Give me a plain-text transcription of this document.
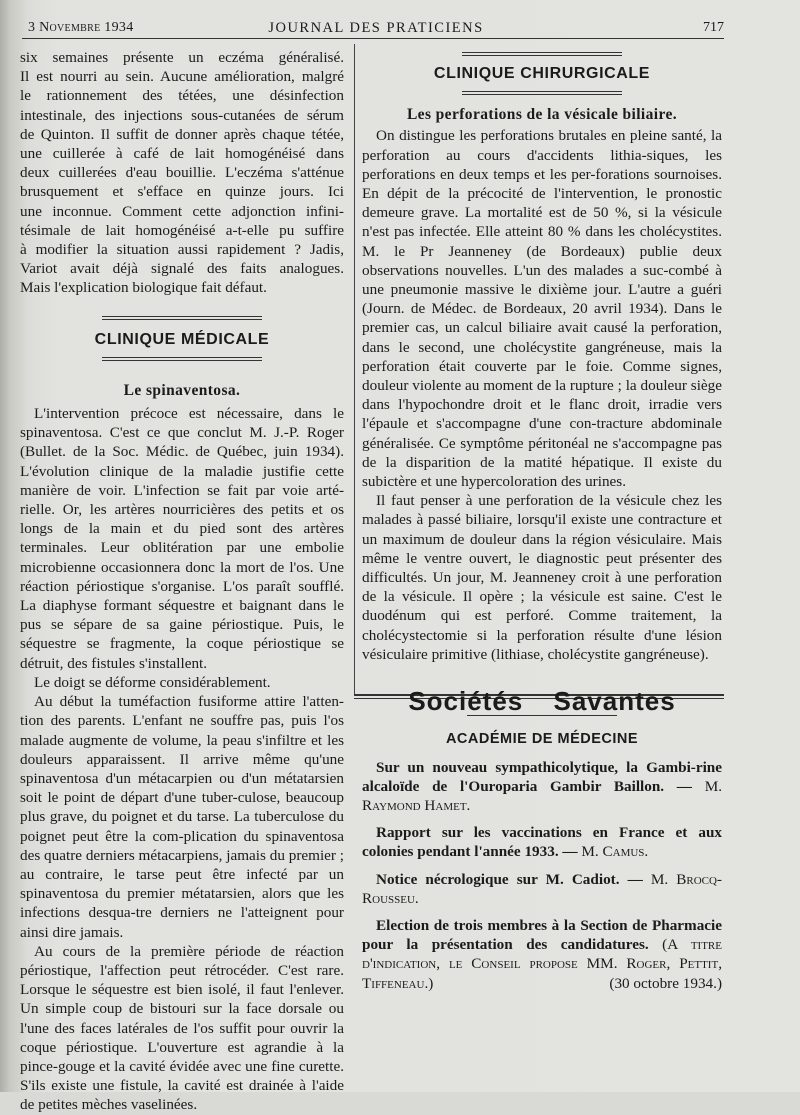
3 Novembre 1934	JOURNAL DES PRATICIENS	717
six semaines présente un eczéma généralisé.
Il est nourri au sein. Aucune amélioration, malgré
le rationnement des tétées, une désinfection
intestinale, des injections sous-cutanées de sérum
de Quinton. Il suffit de donner après chaque tétée,
une cuillerée à café de lait homogénéisé dans
deux cuillerées d'eau bouillie. L'eczéma s'atténue
brusquement et s'efface en quinze jours. Ici
une inconnue. Comment cette adjonction infini-
tésimale de lait homogénéisé a-t-elle pu suffire
à modifier la situation aussi rapidement ? Jadis,
Variot avait déjà signalé des faits analogues.
Mais l'explication biologique fait défaut.
CLINIQUE MÉDICALE
Le spinaventosa.

L'intervention précoce est nécessaire, dans le spinaventosa. C'est ce que conclut M. J.-P. Roger (Bullet. de la Soc. Médic. de Québec, juin 1934). L'évolution clinique de la maladie justifie cette manière de voir. L'infection se fait par voie arté-rielle. Or, les artères nourricières des petits et os longs de la main et du pied sont des artères terminales. Leur oblitération par une embolie microbienne occasionnera donc la mort de l'os. Une réaction périostique s'organise. L'os paraît soufflé. La diaphyse formant séquestre et baignant dans le pus se sépare de sa gaine périostique. Puis, le séquestre se fragmente, la coque périostique se détruit, des fistules s'installent.

Le doigt se déforme considérablement.

Au début la tuméfaction fusiforme attire l'atten-tion des parents. L'enfant ne souffre pas, puis l'os malade augmente de volume, la peau s'infiltre et les douleurs apparaissent. Il arrive même qu'une spinaventosa d'un métacarpien ou d'un métatarsien soit le point de départ d'une tuber-culose, beaucoup plus grave, du poignet et du tarse. La tuberculose du poignet peut être la com-plication du spinaventosa des quatre derniers métacarpiens, jamais du premier ; au contraire, le tarse peut être infecté par un spinaventosa du premier métatarsien, alors que les infections desqua-tre derniers ne l'atteignent pour ainsi dire jamais.

Au cours de la première période de réaction périostique, l'affection peut rétrocéder. C'est rare. Lorsque le séquestre est bien isolé, il faut l'enlever. Un simple coup de bistouri sur la face dorsale ou l'une des faces latérales de l'os suffit pour ouvrir la coque périostique. L'ouverture est agrandie à la pince-gouge et la cavité évidée avec une fine curette. S'ils existe une fistule, la cavité est drainée à l'aide de petites mèches vaselinées.

CLINIQUE CHIRURGICALE
Les perforations de la vésicale biliaire.

On distingue les perforations brutales en pleine santé, la perforation au cours d'accidents lithia-siques, les perforations en deux temps et les per-forations sournoises. En dépit de la précocité de l'intervention, le pronostic demeure grave. La mortalité est de 50 %, si la vésicule n'est pas infectée. Elle atteint 80 % dans les cholécystites. M. le Pr Jeanneney (de Bordeaux) publie deux observations nouvelles. L'un des malades a suc-combé à une pneumonie massive le dixième jour. L'autre a guéri (Journ. de Médec. de Bordeaux, 20 avril 1934). Dans le premier cas, un calcul biliaire avait causé la perforation, dans le second, une cholécystite gangréneuse, mais la perforation était couverte par le foie. Comme signes, douleur violente au moment de la rupture ; la douleur siège dans l'hypochondre droit et le flanc droit, irradie vers l'épaule et s'accompagne d'une con-tracture abdominale généralisée. Ce symptôme péritonéal ne s'accompagne pas de la disparition de la matité hépatique. Il existe du subictère et une hypercoloration des urines.

Il faut penser à une perforation de la vésicule chez les malades à passé biliaire, lorsqu'il existe une contracture et un maximum de douleur dans la région vésiculaire. Mais même le ventre ouvert, le diagnostic peut présenter des difficultés. Un jour, M. Jeanneney croit à une perforation de la vésicule. Il opère ; la vésicule est saine. C'est le duodénum qui est perforé. Comme traitement, la cholécystectomie si la perforation résulte d'une lésion vésiculaire primitive (lithiase, cholécystite gangréneuse).

Sociétés Savantes
ACADÉMIE DE MÉDECINE

Sur un nouveau sympathicolytique, la Gambi-rine alcaloïde de l'Ouroparia Gambir Baillon. — M. Raymond Hamet.

Rapport sur les vaccinations en France et aux colonies pendant l'année 1933. — M. Camus.

Notice nécrologique sur M. Cadiot. — M. Brocq-Rousseu.

Election de trois membres à la Section de Pharmacie pour la présentation des candidatures. (A titre d'indication, le Conseil propose MM. Roger, Pettit, Tiffeneau.)	(30 octobre 1934.)
